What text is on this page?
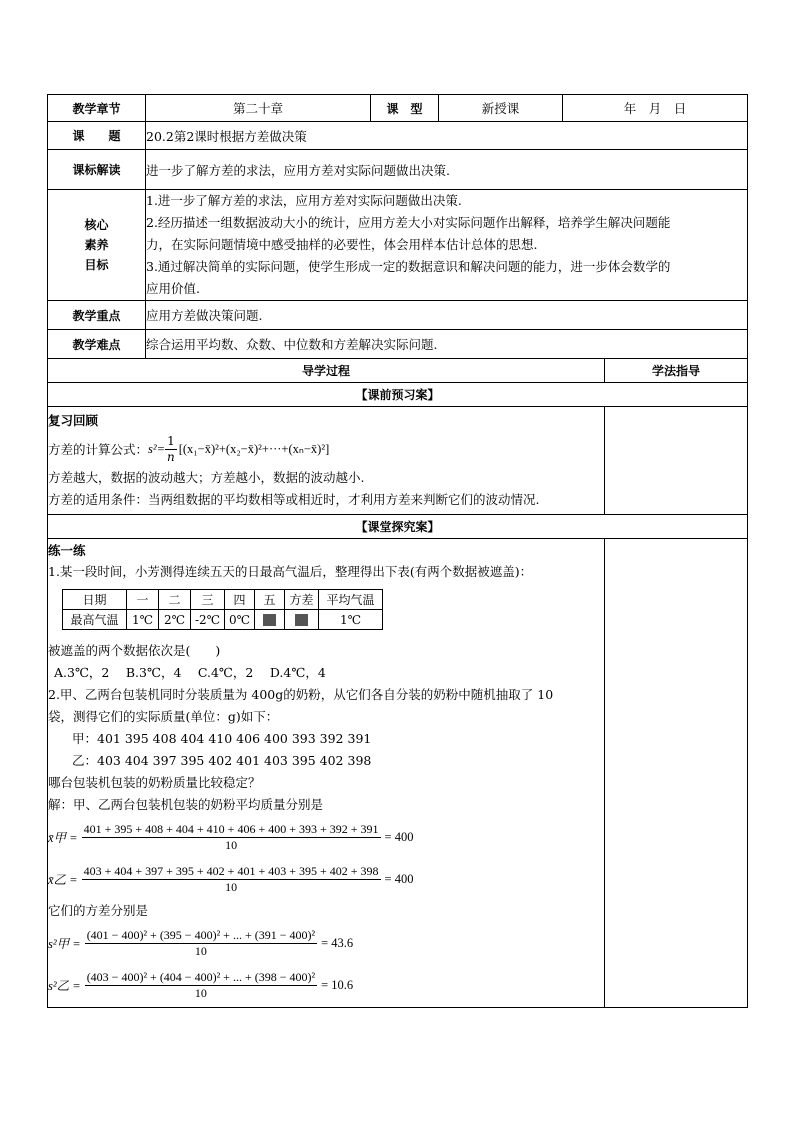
教学章节	第二十章	课　型	新授课	年　月　日
课　　题	20.2第2课时根据方差做决策
课标解读	进一步了解方差的求法，应用方差对实际问题做出决策.

核心
素养
目标

1.进一步了解方差的求法，应用方差对实际问题做出决策.
2.经历描述一组数据波动大小的统计，应用方差大小对实际问题作出解释，培养学生解决问题能
力，在实际问题情境中感受抽样的必要性，体会用样本估计总体的思想.
3.通过解决简单的实际问题，使学生形成一定的数据意识和解决问题的能力，进一步体会数学的
应用价值.

教学重点	应用方差做决策问题.
教学难点	综合运用平均数、众数、中位数和方差解决实际问题.
导学过程	学法指导
【课前预习案】

复习回顾
方差的计算公式： $s^2= \frac{1}{n}$ [(x₁−x̄)²+(x₂−x̄)²+···+(xₙ−x̄)²]
方差越大，数据的波动越大；方差越小，数据的波动越小.
方差的适用条件：当两组数据的平均数相等或相近时，才利用方差来判断它们的波动情况.

【课堂探究案】

练一练
1.某一段时间，小芳测得连续五天的日最高气温后，整理得出下表(有两个数据被遮盖)：
日期	一	二	三	四	五	方差	平均气温
最高气温	1℃	2℃	-2℃	0℃			1℃
被遮盖的两个数据依次是(　　)
A.3℃，2　 B.3℃，4　 C.4℃，2　 D.4℃，4
2.甲、乙两台包装机同时分装质量为 400g的奶粉，从它们各自分装的奶粉中随机抽取了 10
袋，测得它们的实际质量(单位：g)如下：
甲：401 395 408 404 410 406 400 393 392 391
乙：403 404 397 395 402 401 403 395 402 398
哪台包装机包装的奶粉质量比较稳定？
解：甲、乙两台包装机包装的奶粉平均质量分别是
x̄甲 = $\frac{401 + 395 + 408 + 404 + 410 + 406 + 400 + 393 + 392 + 391}{10} = 400$
x̄乙 = $\frac{403 + 404 + 397 + 395 + 402 + 401 + 403 + 395 + 402 + 398}{10} = 400$
它们的方差分别是
s²甲 = $\frac{\text{(401 − 400)² + (395 − 400)² + ... + (391 − 400)²}}{10} = 43.6$
s²乙 = $\frac{\text{(403 − 400)² + (404 − 400)² + ... + (398 − 400)²}}{10} = 10.6$
